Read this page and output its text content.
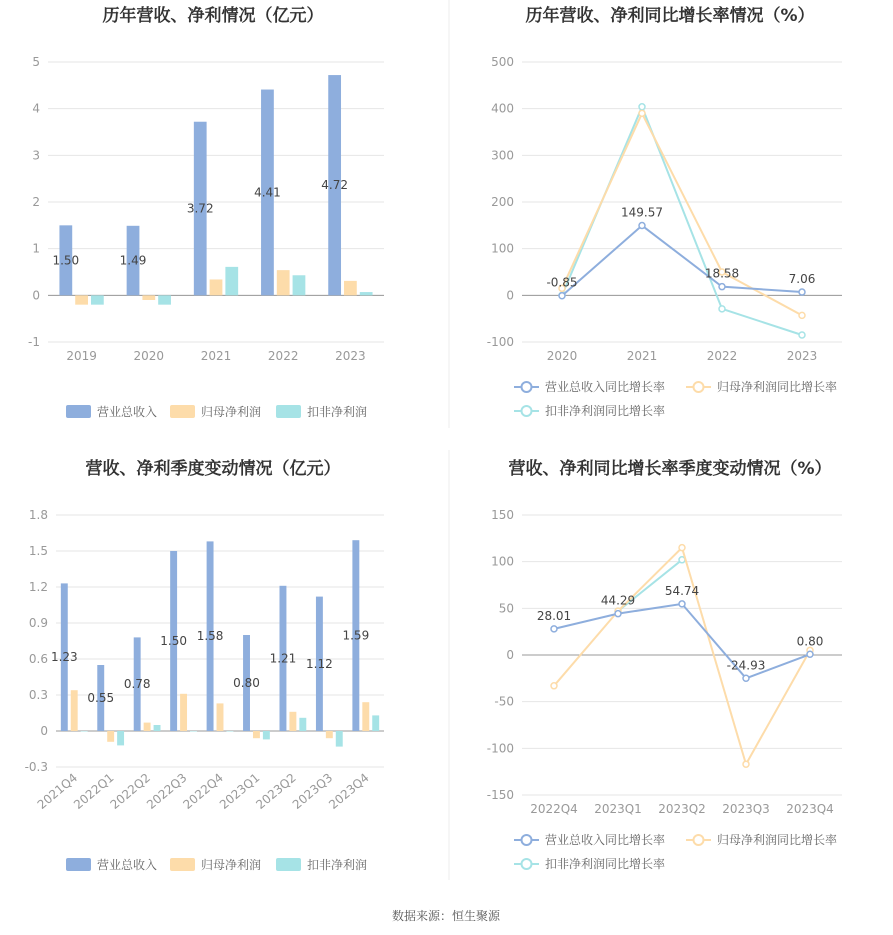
历年营收、净利情况（亿元）
5
4
3
2
1
0
-1
2019	2020	2021	2022	2023
1.50	1.49
3.72
4.41
4.72
营业总收入	归母净利润	扣非净利润
历年营收、净利同比增长率情况（%）
500
400
300
200
100
0
-100
2020	2021	2022	2023
-0.85
149.57
18.58	7.06
营业总收入同比增长率	归母净利润同比增长率
扣非净利润同比增长率
营收、净利季度变动情况（亿元）
1.8
1.5
1.2
0.9
0.6
0.3
0
-0.3
2021Q4
2022Q1
2022Q2
2022Q3
2022Q4
2023Q1
2023Q2
2023Q3
2023Q4
1.23
0.55
0.78
1.50 1.58
0.80
1.21 1.12
1.59
营业总收入	归母净利润	扣非净利润
营收、净利同比增长率季度变动情况（%）
150
100
50
0
-50
-100
-150
2022Q4 2023Q1 2023Q2 2023Q3 2023Q4
28.01
44.29
54.74
-24.93
0.80
营业总收入同比增长率	归母净利润同比增长率
扣非净利润同比增长率
数据来源：恒生聚源
